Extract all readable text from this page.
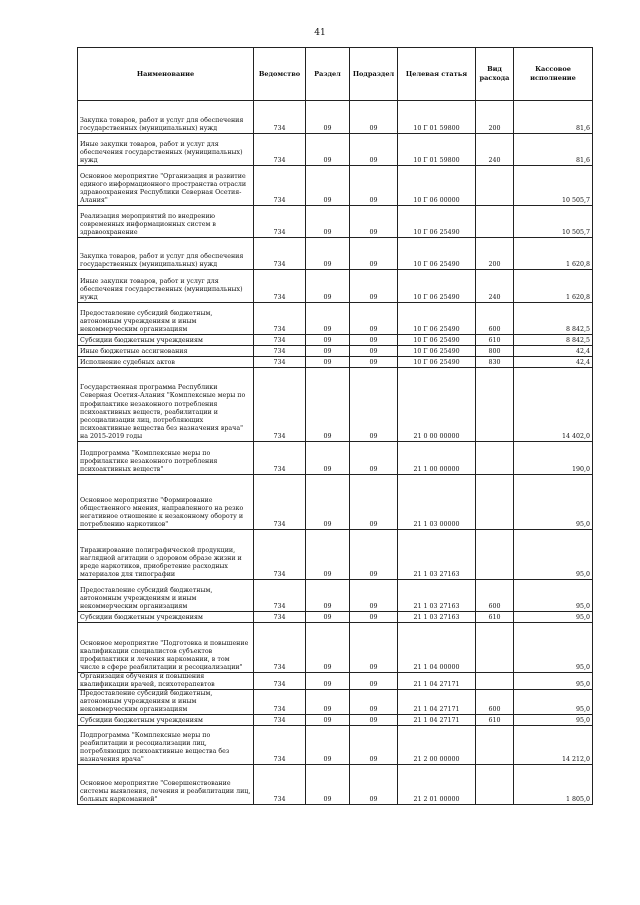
41
Наименование	Ведомство	Раздел	Подраздел	Целевая статья	Вид расхода	Кассовое исполнение
Закупка товаров, работ и услуг для обеспечения государственных (муниципальных) нужд	734	09	09	10 Г 01 59800	200	81,6
Иные закупки товаров, работ и услуг для обеспечения государственных (муниципальных) нужд	734	09	09	10 Г 01 59800	240	81,6
Основное мероприятие "Организация и развитие единого информационного пространства отрасли здравоохранения Республики Северная Осетия-Алания"	734	09	09	10 Г 06 00000		10 505,7
Реализация мероприятий по внедрению современных информационных систем в здравоохранение	734	09	09	10 Г 06 25490		10 505,7
Закупка товаров, работ и услуг для обеспечения государственных (муниципальных) нужд	734	09	09	10 Г 06 25490	200	1 620,8
Иные закупки товаров, работ и услуг для обеспечения государственных (муниципальных) нужд	734	09	09	10 Г 06 25490	240	1 620,8
Предоставление субсидий бюджетным, автономным учреждениям и иным некоммерческим организациям	734	09	09	10 Г 06 25490	600	8 842,5
Субсидии бюджетным учреждениям	734	09	09	10 Г 06 25490	610	8 842,5
Иные бюджетные ассигнования	734	09	09	10 Г 06 25490	800	42,4
Исполнение судебных актов	734	09	09	10 Г 06 25490	830	42,4
Государственная программа Республики Северная Осетия-Алания "Комплексные меры по профилактике незаконного потребления психоактивных веществ, реабилитации и ресоциализации лиц, потребляющих психоактивные вещества без назначения врача" на 2015-2019 годы	734	09	09	21 0 00 00000		14 402,0
Подпрограмма "Комплексные меры по профилактике незаконного потребления психоактивных веществ"	734	09	09	21 1 00 00000		190,0
Основное мероприятие "Формирование общественного мнения, направленного на резко негативное отношение к незаконному обороту и потреблению наркотиков"	734	09	09	21 1 03 00000		95,0
Тиражирование полиграфической продукции, наглядной агитации о здоровом образе жизни и вреде наркотиков, приобретение расходных материалов для типографии	734	09	09	21 1 03 27163		95,0
Предоставление субсидий бюджетным, автономным учреждениям и иным некоммерческим организациям	734	09	09	21 1 03 27163	600	95,0
Субсидии бюджетным учреждениям	734	09	09	21 1 03 27163	610	95,0
Основное мероприятие "Подготовка и повышение квалификации специалистов субъектов профилактики и лечения наркомании, в том числе в сфере реабилитации и ресоциализации"	734	09	09	21 1 04 00000		95,0
Организация обучения и повышения квалификации врачей, психотерапевтов	734	09	09	21 1 04 27171		95,0
Предоставление субсидий бюджетным, автономным учреждениям и иным некоммерческим организациям	734	09	09	21 1 04 27171	600	95,0
Субсидии бюджетным учреждениям	734	09	09	21 1 04 27171	610	95,0
Подпрограмма "Комплексные меры по реабилитации и ресоциализации лиц, потребляющих психоактивные вещества без назначения врача"	734	09	09	21 2 00 00000		14 212,0
Основное мероприятие "Совершенствование системы выявления, лечения и реабилитации лиц, больных наркоманией"	734	09	09	21 2 01 00000		1 805,0
